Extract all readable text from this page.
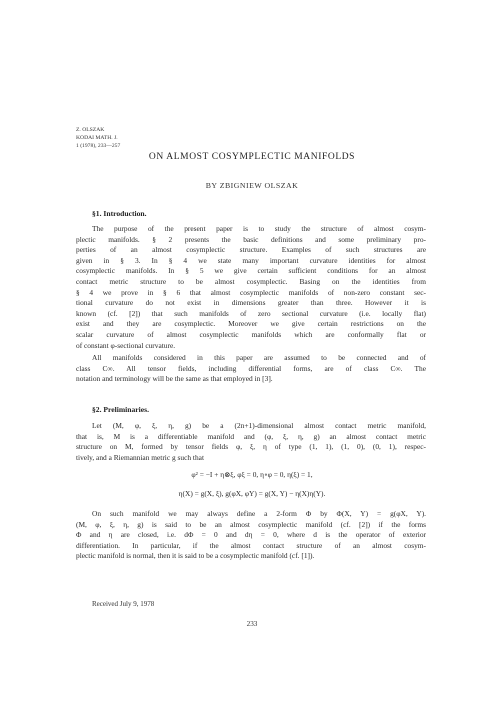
Z. OLSZAK
KODAI MATH. J.
1 (1978), 233—257
ON ALMOST COSYMPLECTIC MANIFOLDS
BY ZBIGNIEW OLSZAK
§1. Introduction.
The purpose of the present paper is to study the structure of almost cosym-
plectic manifolds. § 2 presents the basic definitions and some preliminary pro-
perties of an almost cosymplectic structure. Examples of such structures are
given in § 3. In § 4 we state many important curvature identities for almost
cosymplectic manifolds. In § 5 we give certain sufficient conditions for an almost
contact metric structure to be almost cosymplectic. Basing on the identities from
§ 4 we prove in § 6 that almost cosymplectic manifolds of non-zero constant sec-
tional curvature do not exist in dimensions greater than three. However it is
known (cf. [2]) that such manifolds of zero sectional curvature (i.e. locally flat)
exist and they are cosymplectic. Moreover we give certain restrictions on the
scalar curvature of almost cosymplectic manifolds which are conformally flat or
of constant φ-sectional curvature.
All manifolds considered in this paper are assumed to be connected and of
class C∞. All tensor fields, including differential forms, are of class C∞. The
notation and terminology will be the same as that employed in [3].
§2. Preliminaries.
Let (M, φ, ξ, η, g) be a (2n+1)-dimensional almost contact metric manifold,
that is, M is a differentiable manifold and (φ, ξ, η, g) an almost contact metric
structure on M, formed by tensor fields φ, ξ, η of type (1, 1), (1, 0), (0, 1), respec-
tively, and a Riemannian metric g such that
φ² = −I + η⊗ξ, φξ = 0, η∘φ = 0, η(ξ) = 1,
η(X) = g(X, ξ), g(φX, φY) = g(X, Y) − η(X)η(Y).
On such manifold we may always define a 2-form Φ by Φ(X, Y) = g(φX, Y).
(M, φ, ξ, η, g) is said to be an almost cosymplectic manifold (cf. [2]) if the forms
Φ and η are closed, i.e. dΦ = 0 and dη = 0, where d is the operator of exterior
differentiation. In particular, if the almost contact structure of an almost cosym-
plectic manifold is normal, then it is said to be a cosymplectic manifold (cf. [1]).
Received July 9, 1978
233
